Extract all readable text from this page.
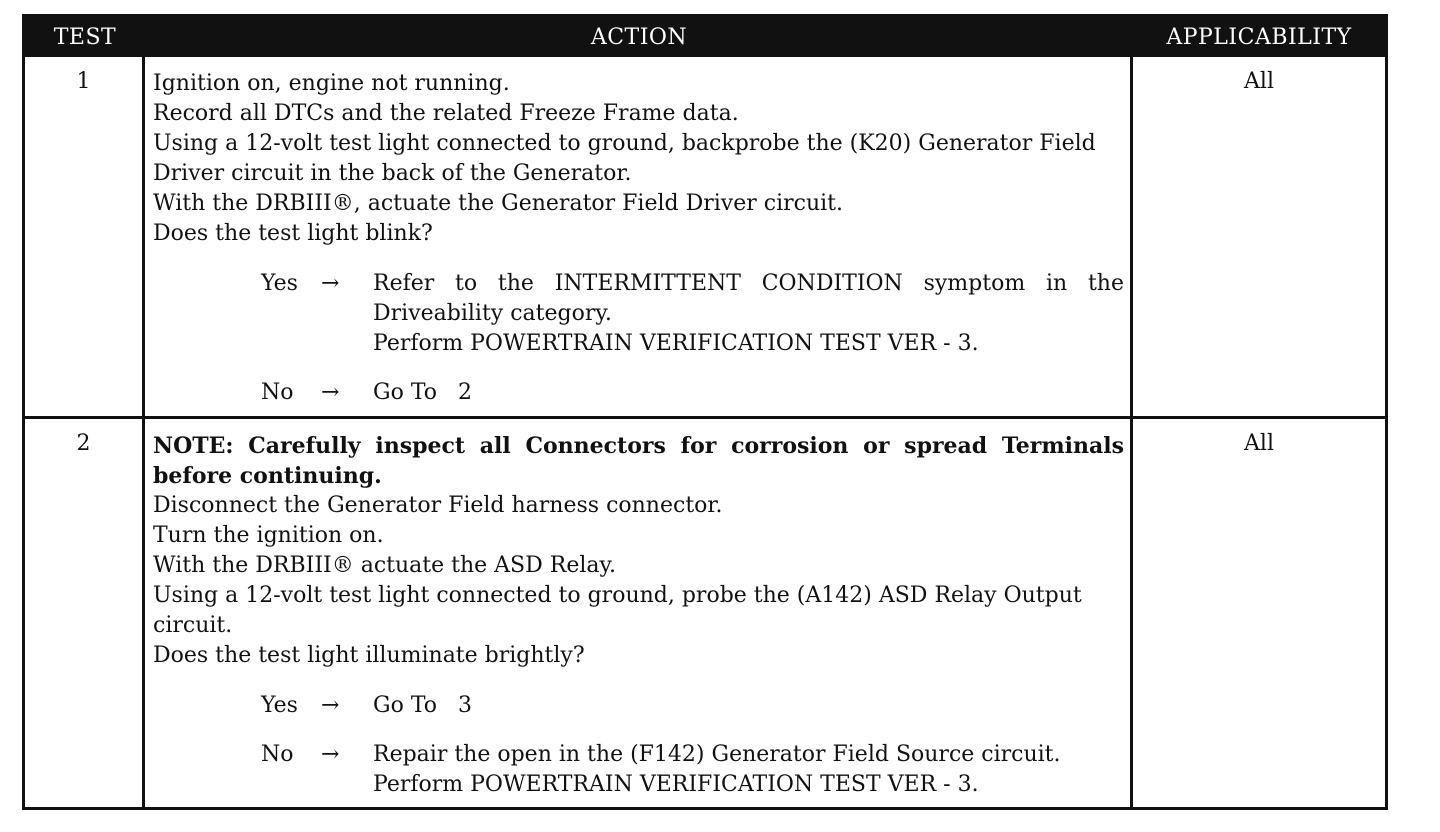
TEST	ACTION	APPLICABILITY
1	Ignition on, engine not running.
Record all DTCs and the related Freeze Frame data.
Using a 12-volt test light connected to ground, backprobe the (K20) Generator Field
Driver circuit in the back of the Generator.
With the DRBIII®, actuate the Generator Field Driver circuit.
Does the test light blink?
Yes	→	Refer to the INTERMITTENT CONDITION symptom in the
Driveability category.
Perform POWERTRAIN VERIFICATION TEST VER - 3.
No	→	Go To   2
All
2	NOTE: Carefully inspect all Connectors for corrosion or spread Terminals
before continuing.
Disconnect the Generator Field harness connector.
Turn the ignition on.
With the DRBIII® actuate the ASD Relay.
Using a 12-volt test light connected to ground, probe the (A142) ASD Relay Output
circuit.
Does the test light illuminate brightly?
Yes	→	Go To   3
No	→	Repair the open in the (F142) Generator Field Source circuit.
Perform POWERTRAIN VERIFICATION TEST VER - 3.
All
